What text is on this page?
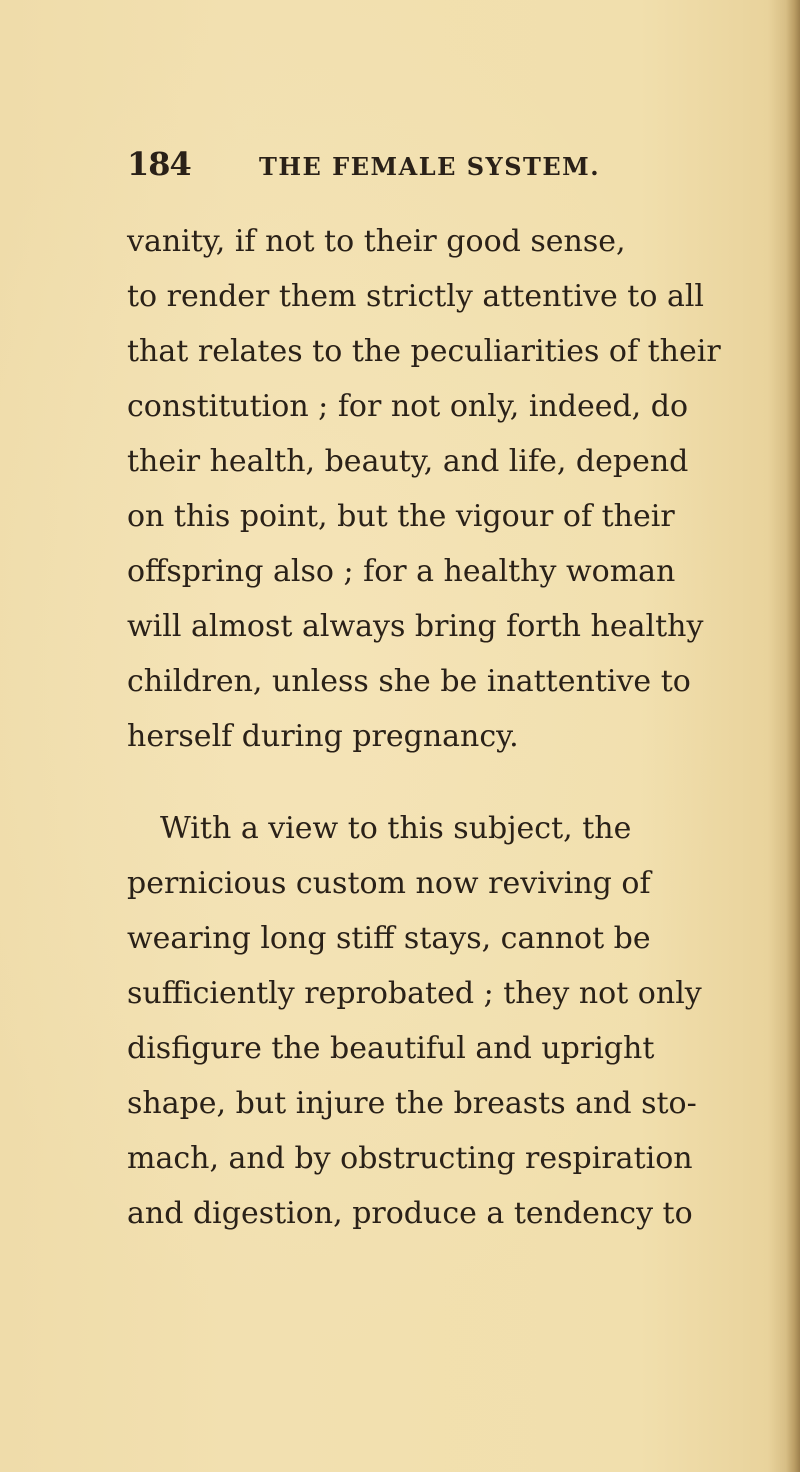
184	THE FEMALE SYSTEM.
vanity, if not to their good sense,
to render them strictly attentive to all
that relates to the peculiarities of their
constitution ; for not only, indeed, do
their health, beauty, and life, depend
on this point, but the vigour of their
offspring also ; for a healthy woman
will almost always bring forth healthy
children, unless she be inattentive to
herself during pregnancy.
With a view to this subject, the
pernicious custom now reviving of
wearing long stiff stays, cannot be
sufficiently reprobated ; they not only
disfigure the beautiful and upright
shape, but injure the breasts and sto-
mach, and by obstructing respiration
and digestion, produce a tendency to
